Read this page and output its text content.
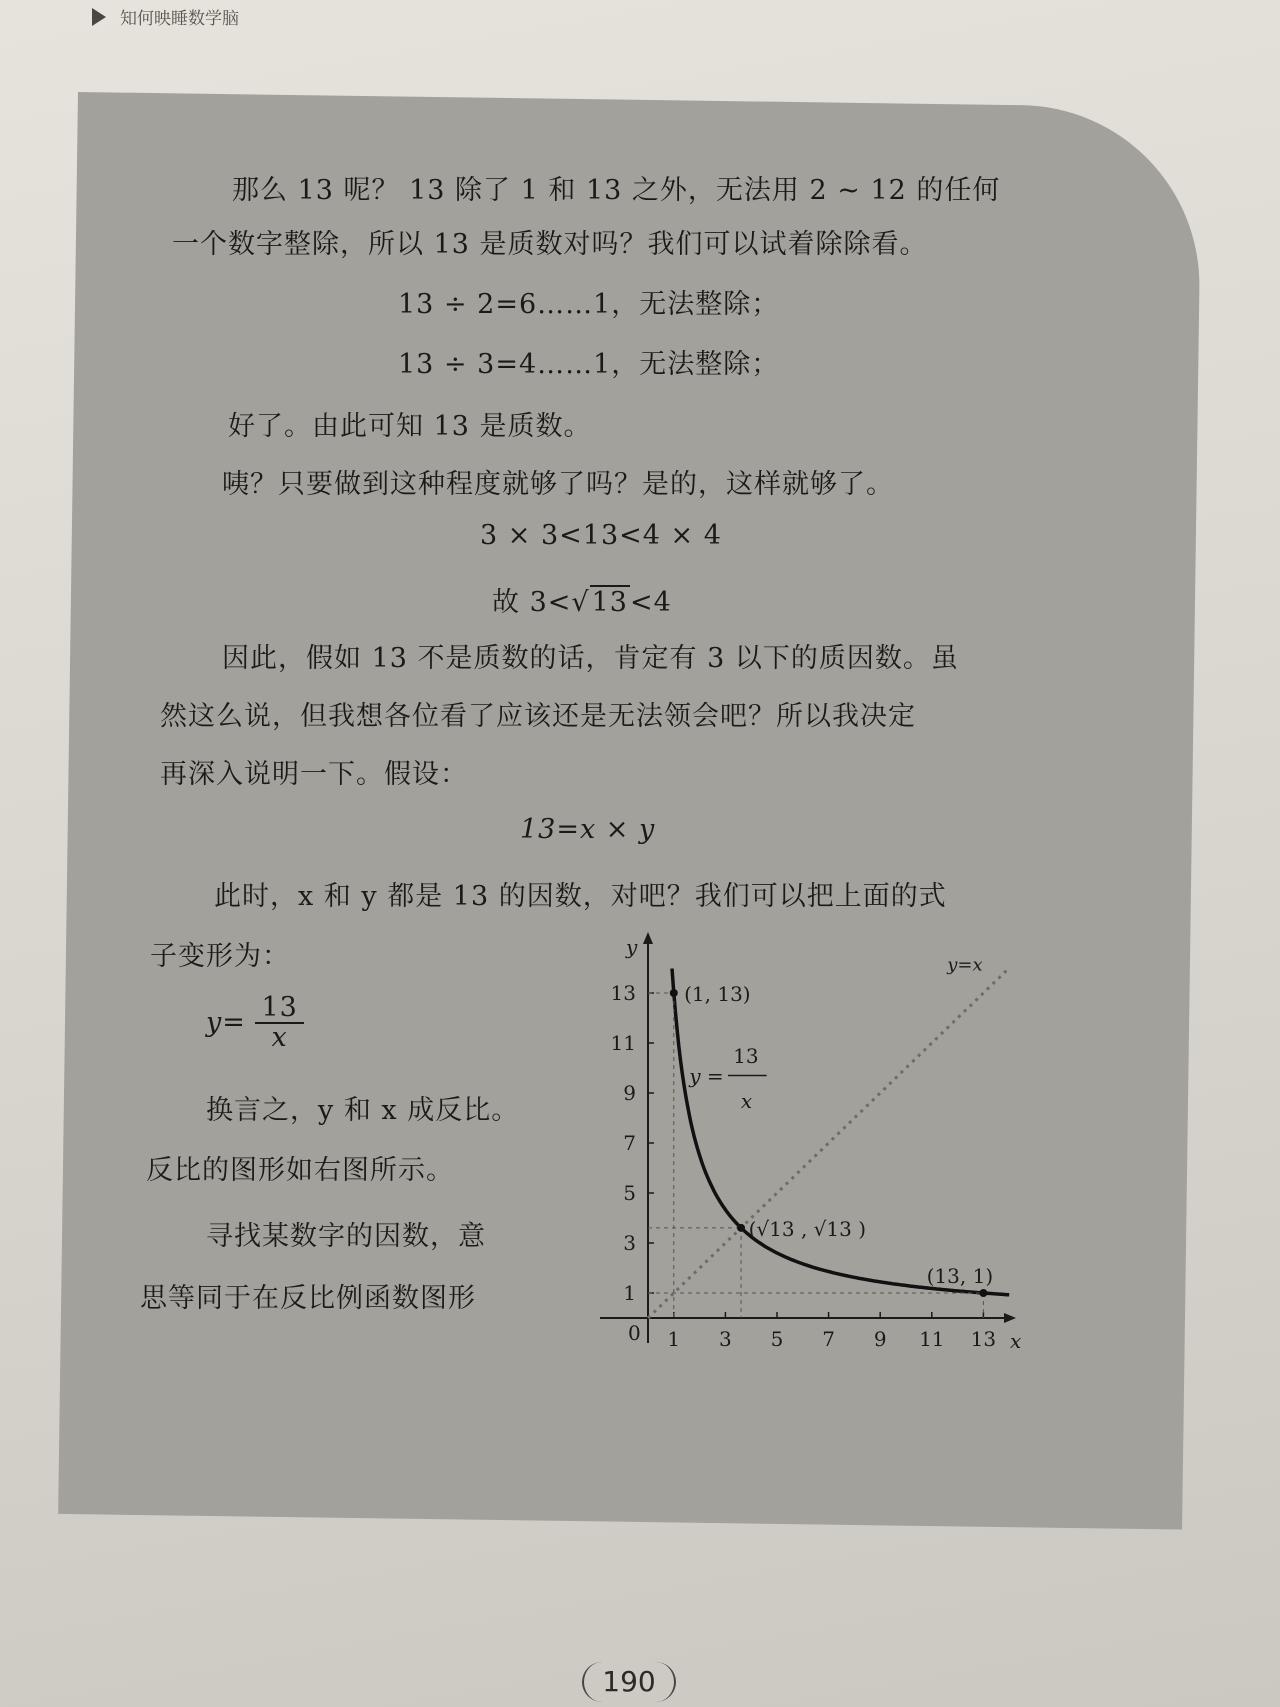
知何映睡数学脑
那么 13 呢？ 13 除了 1 和 13 之外，无法用 2 ~ 12 的任何
一个数字整除，所以 13 是质数对吗？我们可以试着除除看。
13 ÷ 2=6……1，无法整除；
13 ÷ 3=4……1，无法整除；
好了。由此可知 13 是质数。
咦？只要做到这种程度就够了吗？是的，这样就够了。
3 × 3<13<4 × 4
故 3<√13<4
因此，假如 13 不是质数的话，肯定有 3 以下的质因数。虽
然这么说，但我想各位看了应该还是无法领会吧？所以我决定
再深入说明一下。假设：
13=x × y
此时，x 和 y 都是 13 的因数，对吧？我们可以把上面的式
子变形为：
$y= \frac{13}{x}$
换言之，y 和 x 成反比。
反比的图形如右图所示。
寻找某数字的因数，意
思等同于在反比例函数图形
y
x
0 1 3 5 7 9 11 13
1
3
5
7
9
11
13
y=x
y =
13
x
(1, 13)
(√13 , √13 )
(13, 1)
190
